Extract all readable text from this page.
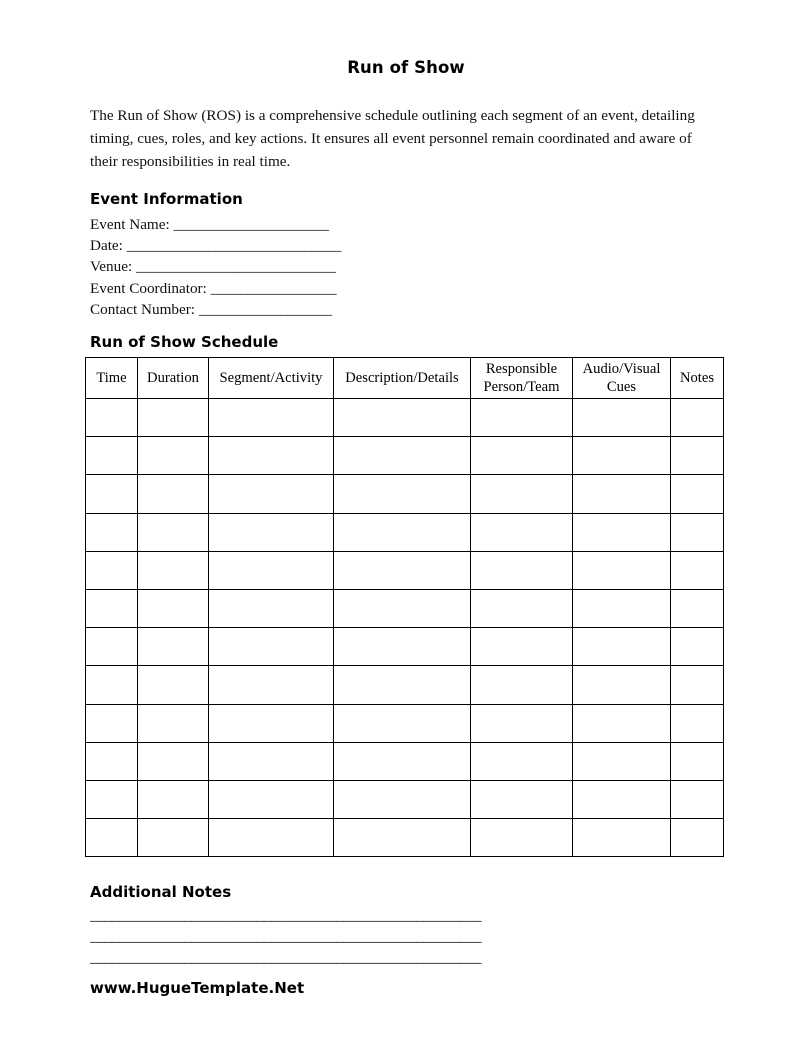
Run of Show
The Run of Show (ROS) is a comprehensive schedule outlining each segment of an event, detailing timing, cues, roles, and key actions. It ensures all event personnel remain coordinated and aware of their responsibilities in real time.
Event Information
Event Name: _____________________
Date: _____________________________
Venue: ___________________________
Event Coordinator: _________________
Contact Number: __________________
Run of Show Schedule
Time	Duration	Segment/Activity	Description/Details	Responsible Person/Team	Audio/Visual Cues	Notes

Additional Notes
______________________________________________________
______________________________________________________
______________________________________________________
www.HugueTemplate.Net
